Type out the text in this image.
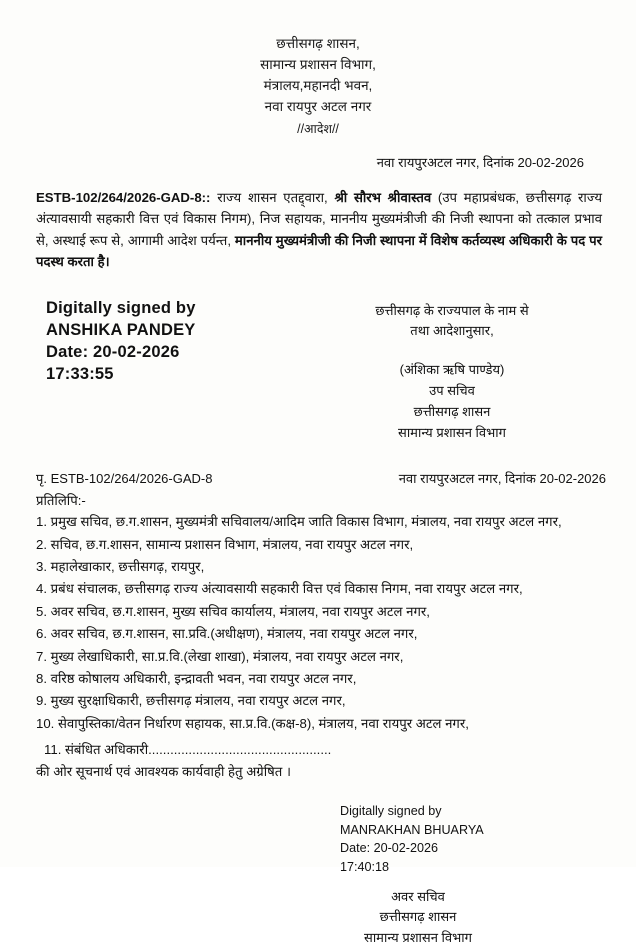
छत्तीसगढ़ शासन,
सामान्य प्रशासन विभाग,
मंत्रालय,महानदी भवन,
नवा रायपुर अटल नगर
//आदेश//
नवा रायपुरअटल नगर, दिनांक 20-02-2026
ESTB-102/264/2026-GAD-8:: राज्य शासन एतद्द्वारा, श्री सौरभ श्रीवास्तव (उप महाप्रबंधक, छत्तीसगढ़ राज्य अंत्यावसायी सहकारी वित्त एवं विकास निगम), निज सहायक, माननीय मुख्यमंत्रीजी की निजी स्थापना को तत्काल प्रभाव से, अस्थाई रूप से, आगामी आदेश पर्यन्त, माननीय मुख्यमंत्रीजी की निजी स्थापना में विशेष कर्तव्यस्थ अधिकारी के पद पर पदस्थ करता है।
Digitally signed by
ANSHIKA PANDEY
Date: 20-02-2026
17:33:55
छत्तीसगढ़ के राज्यपाल के नाम से
तथा आदेशानुसार,
(अंशिका ऋषि पाण्डेय)
उप सचिव
छत्तीसगढ़ शासन
सामान्य प्रशासन विभाग
पृ. ESTB-102/264/2026-GAD-8	नवा रायपुरअटल नगर, दिनांक 20-02-2026
प्रतिलिपि:-
1. प्रमुख सचिव, छ.ग.शासन, मुख्यमंत्री सचिवालय/आदिम जाति विकास विभाग, मंत्रालय, नवा रायपुर अटल नगर,
2. सचिव, छ.ग.शासन, सामान्य प्रशासन विभाग, मंत्रालय, नवा रायपुर अटल नगर,
3. महालेखाकार, छत्तीसगढ़, रायपुर,
4. प्रबंध संचालक, छत्तीसगढ़ राज्य अंत्यावसायी सहकारी वित्त एवं विकास निगम, नवा रायपुर अटल नगर,
5. अवर सचिव, छ.ग.शासन, मुख्य सचिव कार्यालय, मंत्रालय, नवा रायपुर अटल नगर,
6. अवर सचिव, छ.ग.शासन, सा.प्रवि.(अधीक्षण), मंत्रालय, नवा रायपुर अटल नगर,
7. मुख्य लेखाधिकारी, सा.प्र.वि.(लेखा शाखा), मंत्रालय, नवा रायपुर अटल नगर,
8. वरिष्ठ कोषालय अधिकारी, इन्द्रावती भवन, नवा रायपुर अटल नगर,
9. मुख्य सुरक्षाधिकारी, छत्तीसगढ़ मंत्रालय, नवा रायपुर अटल नगर,
10. सेवापुस्तिका/वेतन निर्धारण सहायक, सा.प्र.वि.(कक्ष-8), मंत्रालय, नवा रायपुर अटल नगर,
11. संबंधित अधिकारी..................................................
की ओर सूचनार्थ एवं आवश्यक कार्यवाही हेतु अग्रेषित ।
Digitally signed by
MANRAKHAN BHUARYA
Date: 20-02-2026
17:40:18
अवर सचिव
छत्तीसगढ़ शासन
सामान्य प्रशासन विभाग
